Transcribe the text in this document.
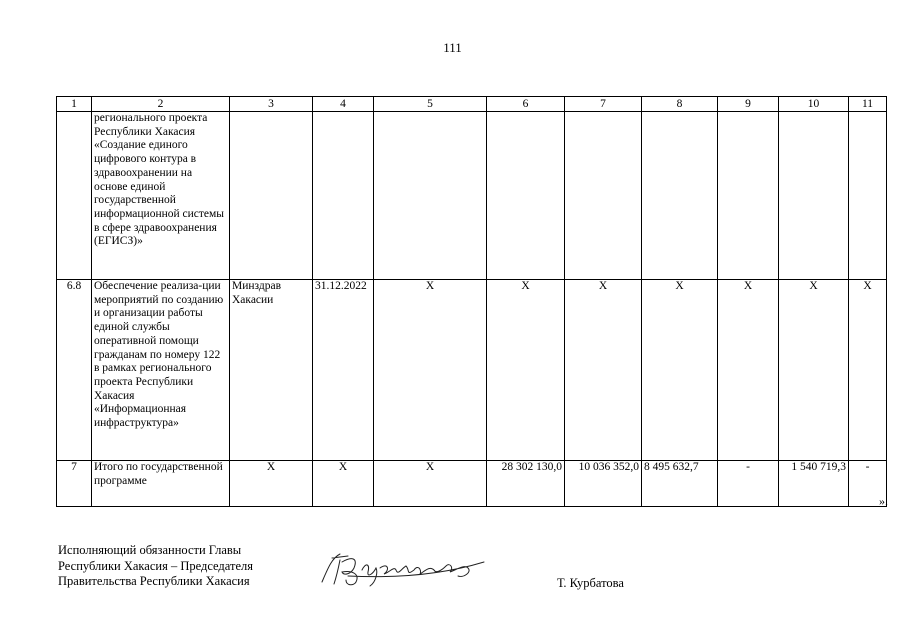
111
1	2	3	4	5	6	7	8	9	10	11
	регионального проекта Республики Хакасия «Создание единого цифрового контура в здравоохранении на основе единой государственной информационной системы в сфере здравоохранения (ЕГИСЗ)»									
6.8	Обеспечение реализа-ции мероприятий по созданию и организации работы единой службы оперативной помощи гражданам по номеру 122 в рамках регионального проекта Республики Хакасия «Информационная инфраструктура»	Минздрав Хакасии	31.12.2022	X	X	X	X	X	X	X
7	Итого по государственной программе	X	X	X	28 302 130,0	10 036 352,0	8 495 632,7	-	1 540 719,3	-
».
Исполняющий обязанности Главы
Республики Хакасия – Председателя
Правительства Республики Хакасия	Т. Курбатова
